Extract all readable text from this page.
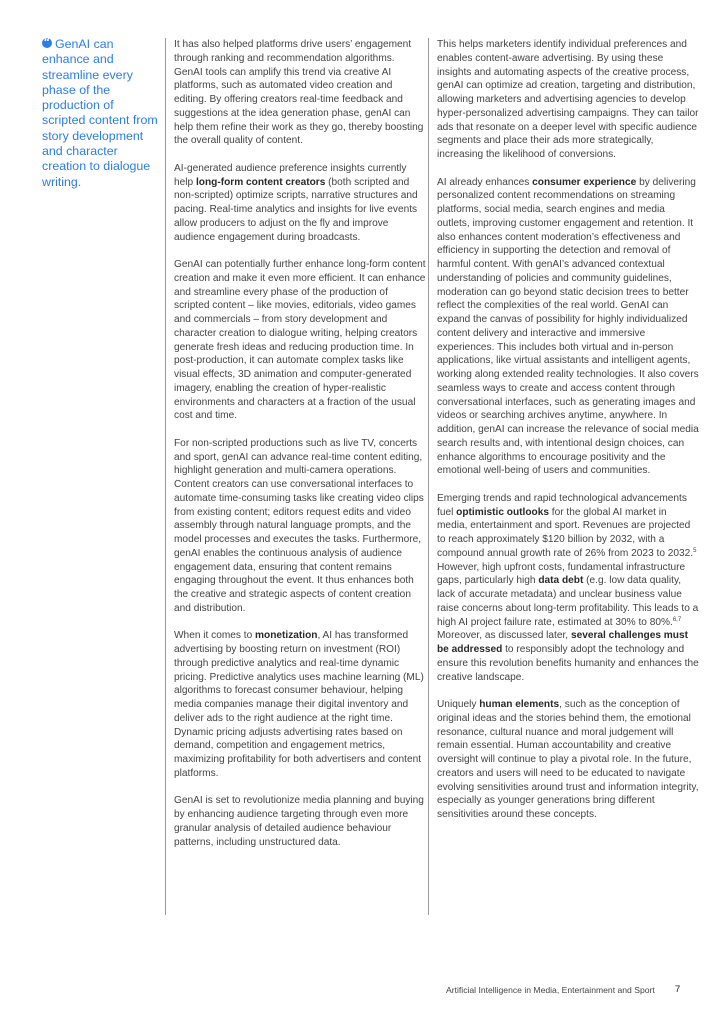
“GenAI can enhance and streamline every phase of the production of scripted content from story development and character creation to dialogue writing.

It has also helped platforms drive users’ engagement through ranking and recommendation algorithms. GenAI tools can amplify this trend via creative AI platforms, such as automated video creation and editing. By offering creators real-time feedback and suggestions at the idea generation phase, genAI can help them refine their work as they go, thereby boosting the overall quality of content.

AI-generated audience preference insights currently help long-form content creators (both scripted and non-scripted) optimize scripts, narrative structures and pacing. Real-time analytics and insights for live events allow producers to adjust on the fly and improve audience engagement during broadcasts.

GenAI can potentially further enhance long-form content creation and make it even more efficient. It can enhance and streamline every phase of the production of scripted content – like movies, editorials, video games and commercials – from story development and character creation to dialogue writing, helping creators generate fresh ideas and reducing production time. In post-production, it can automate complex tasks like visual effects, 3D animation and computer-generated imagery, enabling the creation of hyper-realistic environments and characters at a fraction of the usual cost and time.

For non-scripted productions such as live TV, concerts and sport, genAI can advance real-time content editing, highlight generation and multi-camera operations. Content creators can use conversational interfaces to automate time-consuming tasks like creating video clips from existing content; editors request edits and video assembly through natural language prompts, and the model processes and executes the tasks. Furthermore, genAI enables the continuous analysis of audience engagement data, ensuring that content remains engaging throughout the event. It thus enhances both the creative and strategic aspects of content creation and distribution.

When it comes to monetization, AI has transformed advertising by boosting return on investment (ROI) through predictive analytics and real-time dynamic pricing. Predictive analytics uses machine learning (ML) algorithms to forecast consumer behaviour, helping media companies manage their digital inventory and deliver ads to the right audience at the right time. Dynamic pricing adjusts advertising rates based on demand, competition and engagement metrics, maximizing profitability for both advertisers and content platforms.

GenAI is set to revolutionize media planning and buying by enhancing audience targeting through even more granular analysis of detailed audience behaviour patterns, including unstructured data.

This helps marketers identify individual preferences and enables content-aware advertising. By using these insights and automating aspects of the creative process, genAI can optimize ad creation, targeting and distribution, allowing marketers and advertising agencies to develop hyper-personalized advertising campaigns. They can tailor ads that resonate on a deeper level with specific audience segments and place their ads more strategically, increasing the likelihood of conversions.

AI already enhances consumer experience by delivering personalized content recommendations on streaming platforms, social media, search engines and media outlets, improving customer engagement and retention. It also enhances content moderation’s effectiveness and efficiency in supporting the detection and removal of harmful content. With genAI’s advanced contextual understanding of policies and community guidelines, moderation can go beyond static decision trees to better reflect the complexities of the real world. GenAI can expand the canvas of possibility for highly individualized content delivery and interactive and immersive experiences. This includes both virtual and in-person applications, like virtual assistants and intelligent agents, working along extended reality technologies. It also covers seamless ways to create and access content through conversational interfaces, such as generating images and videos or searching archives anytime, anywhere. In addition, genAI can increase the relevance of social media search results and, with intentional design choices, can enhance algorithms to encourage positivity and the emotional well-being of users and communities.

Emerging trends and rapid technological advancements fuel optimistic outlooks for the global AI market in media, entertainment and sport. Revenues are projected to reach approximately $120 billion by 2032, with a compound annual growth rate of 26% from 2023 to 2032.$^5$ However, high upfront costs, fundamental infrastructure gaps, particularly high data debt (e.g. low data quality, lack of accurate metadata) and unclear business value raise concerns about long-term profitability. This leads to a high AI project failure rate, estimated at 30% to 80%.$^{6,7}$ Moreover, as discussed later, several challenges must be addressed to responsibly adopt the technology and ensure this revolution benefits humanity and enhances the creative landscape.

Uniquely human elements, such as the conception of original ideas and the stories behind them, the emotional resonance, cultural nuance and moral judgement will remain essential. Human accountability and creative oversight will continue to play a pivotal role. In the future, creators and users will need to be educated to navigate evolving sensitivities around trust and information integrity, especially as younger generations bring different sensitivities around these concepts.

Artificial Intelligence in Media, Entertainment and Sport 7
